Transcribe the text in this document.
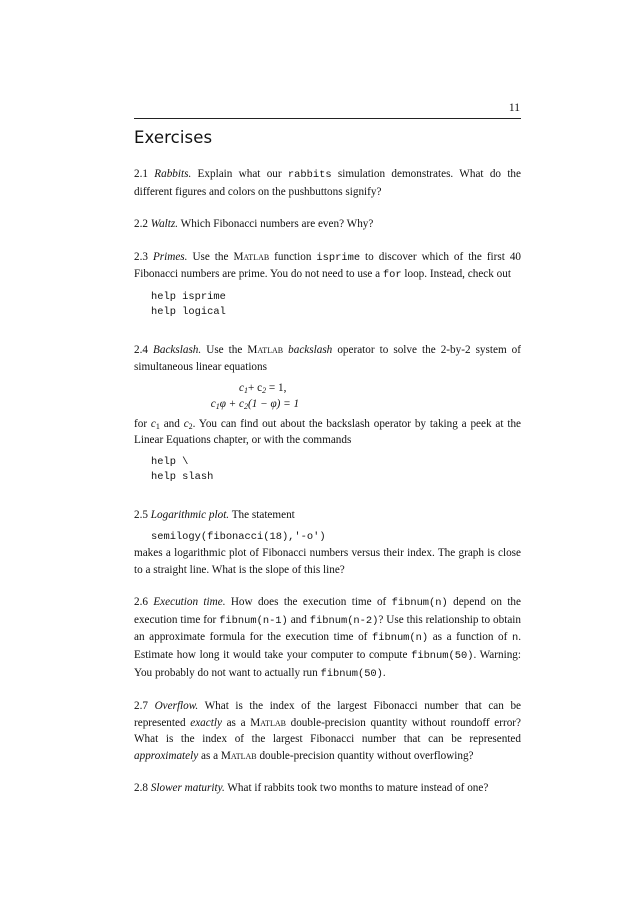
11
Exercises

2.1 Rabbits. Explain what our rabbits simulation demonstrates. What do the different figures and colors on the pushbuttons signify?

2.2 Waltz. Which Fibonacci numbers are even? Why?

2.3 Primes. Use the Matlab function isprime to discover which of the first 40 Fibonacci numbers are prime. You do not need to use a for loop. Instead, check out

help isprime
help logical

2.4 Backslash. Use the Matlab backslash operator to solve the 2-by-2 system of simultaneous linear equations

$c_1 + c_2 = 1$,
$c_1\varphi + c_2$ (1 − φ) = 1

for $c_1$ and $c_2$. You can find out about the backslash operator by taking a peek at the Linear Equations chapter, or with the commands

help \
help slash

2.5 Logarithmic plot. The statement

semilogy(fibonacci(18),'-o')

makes a logarithmic plot of Fibonacci numbers versus their index. The graph is close to a straight line. What is the slope of this line?

2.6 Execution time. How does the execution time of fibnum(n) depend on the execution time for fibnum(n-1) and fibnum(n-2)? Use this relationship to obtain an approximate formula for the execution time of fibnum(n) as a function of n. Estimate how long it would take your computer to compute fibnum(50). Warning: You probably do not want to actually run fibnum(50).

2.7 Overflow. What is the index of the largest Fibonacci number that can be represented exactly as a Matlab double-precision quantity without roundoff error? What is the index of the largest Fibonacci number that can be represented approximately as a Matlab double-precision quantity without overflowing?

2.8 Slower maturity. What if rabbits took two months to mature instead of one?
